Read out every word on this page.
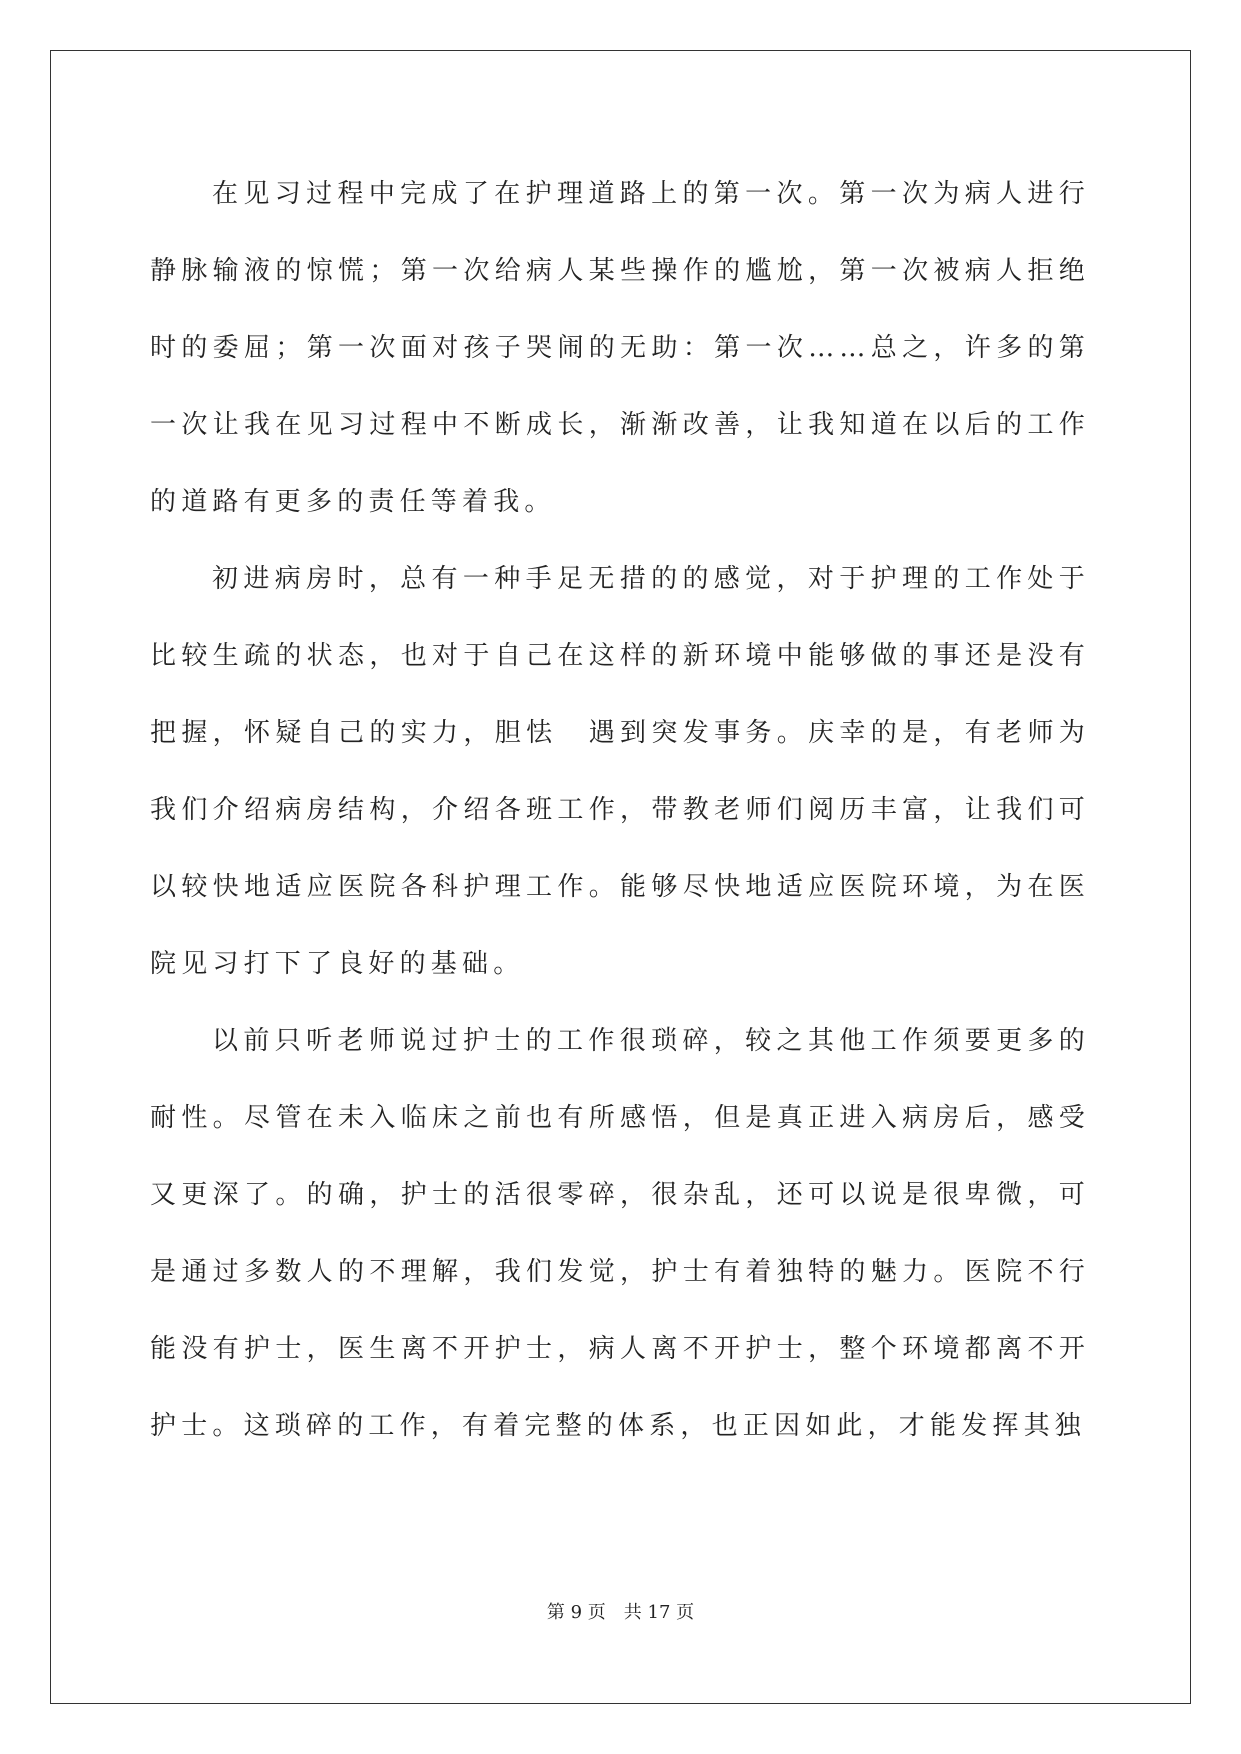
在见习过程中完成了在护理道路上的第一次。第一次为病人进行静脉输液的惊慌；第一次给病人某些操作的尴尬，第一次被病人拒绝时的委屈；第一次面对孩子哭闹的无助：第一次……总之，许多的第一次让我在见习过程中不断成长，渐渐改善，让我知道在以后的工作的道路有更多的责任等着我。

初进病房时，总有一种手足无措的的感觉，对于护理的工作处于比较生疏的状态，也对于自己在这样的新环境中能够做的事还是没有把握，怀疑自己的实力，胆怯　遇到突发事务。庆幸的是，有老师为我们介绍病房结构，介绍各班工作，带教老师们阅历丰富，让我们可以较快地适应医院各科护理工作。能够尽快地适应医院环境，为在医院见习打下了良好的基础。

以前只听老师说过护士的工作很琐碎，较之其他工作须要更多的耐性。尽管在未入临床之前也有所感悟，但是真正进入病房后，感受又更深了。的确，护士的活很零碎，很杂乱，还可以说是很卑微，可是通过多数人的不理解，我们发觉，护士有着独特的魅力。医院不行能没有护士，医生离不开护士，病人离不开护士，整个环境都离不开护士。这琐碎的工作，有着完整的体系，也正因如此，才能发挥其独

第 9 页　共 17 页
